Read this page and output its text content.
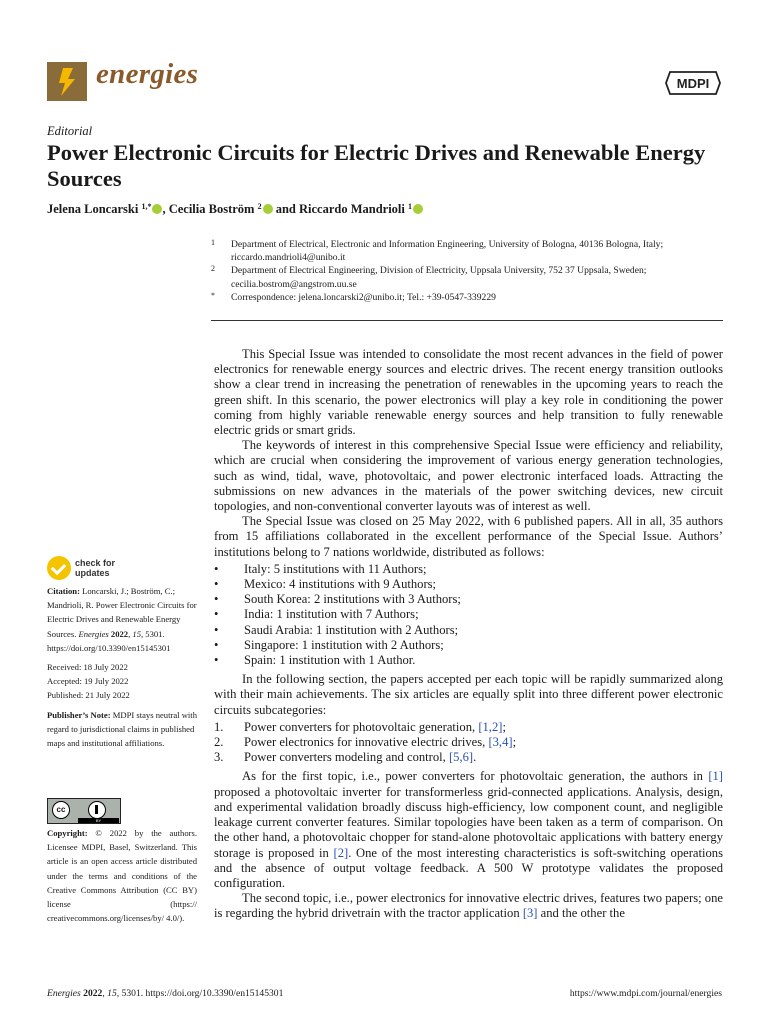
energies	MDPI
Editorial
Power Electronic Circuits for Electric Drives and Renewable Energy Sources
Jelena Loncarski $^{1,*}$ , Cecilia Boström $^2$ and Riccardo Mandrioli $^1$
1 Department of Electrical, Electronic and Information Engineering, University of Bologna, 40136 Bologna, Italy; riccardo.mandrioli4@unibo.it
2 Department of Electrical Engineering, Division of Electricity, Uppsala University, 752 37 Uppsala, Sweden; cecilia.bostrom@angstrom.uu.se
* Correspondence: jelena.loncarski2@unibo.it; Tel.: +39-0547-339229
check for
updates

Citation: Loncarski, J.; Boström, C.; Mandrioli, R. Power Electronic Circuits for Electric Drives and Renewable Energy Sources. Energies 2022, 15, 5301. https://doi.org/10.3390/en15145301

Received: 18 July 2022
Accepted: 19 July 2022

Published: 21 July 2022

Publisher’s Note: MDPI stays neutral with regard to jurisdictional claims in published maps and institutional affiliations.

cc
BY
Copyright: © 2022 by the authors. Licensee MDPI, Basel, Switzerland. This article is an open access article distributed under the terms and conditions of the Creative Commons Attribution (CC BY) license (https:// creativecommons.org/licenses/by/ 4.0/).

This Special Issue was intended to consolidate the most recent advances in the field of power electronics for renewable energy sources and electric drives. The recent energy transition outlooks show a clear trend in increasing the penetration of renewables in the upcoming years to reach the green shift. In this scenario, the power electronics will play a key role in conditioning the power coming from highly variable renewable energy sources and help transition to fully renewable electric grids or smart grids.

The keywords of interest in this comprehensive Special Issue were efficiency and reliability, which are crucial when considering the improvement of various energy generation technologies, such as wind, tidal, wave, photovoltaic, and power electronic interfaced loads. Attracting the submissions on new advances in the materials of the power switching devices, new circuit topologies, and non-conventional converter layouts was of interest as well.

The Special Issue was closed on 25 May 2022, with 6 published papers. All in all, 35 authors from 15 affiliations collaborated in the excellent performance of the Special Issue. Authors’ institutions belong to 7 nations worldwide, distributed as follows:

• Italy: 5 institutions with 11 Authors;
• Mexico: 4 institutions with 9 Authors;
• South Korea: 2 institutions with 3 Authors;
• India: 1 institution with 7 Authors;
• Saudi Arabia: 1 institution with 2 Authors;
• Singapore: 1 institution with 2 Authors;
• Spain: 1 institution with 1 Author.

In the following section, the papers accepted per each topic will be rapidly summarized along with their main achievements. The six articles are equally split into three different power electronic circuits subcategories:

1. Power converters for photovoltaic generation, [1,2];
2. Power electronics for innovative electric drives, [3,4];
3. Power converters modeling and control, [5,6].

As for the first topic, i.e., power converters for photovoltaic generation, the authors in [1] proposed a photovoltaic inverter for transformerless grid-connected applications. Analysis, design, and experimental validation broadly discuss high-efficiency, low component count, and negligible leakage current converter features. Similar topologies have been taken as a term of comparison. On the other hand, a photovoltaic chopper for stand-alone photovoltaic applications with battery energy storage is proposed in [2]. One of the most interesting characteristics is soft-switching operations and the absence of output voltage feedback. A 500 W prototype validates the proposed configuration.

The second topic, i.e., power electronics for innovative electric drives, features two papers; one is regarding the hybrid drivetrain with the tractor application [3] and the other the

Energies 2022, 15, 5301. https://doi.org/10.3390/en15145301	https://www.mdpi.com/journal/energies
